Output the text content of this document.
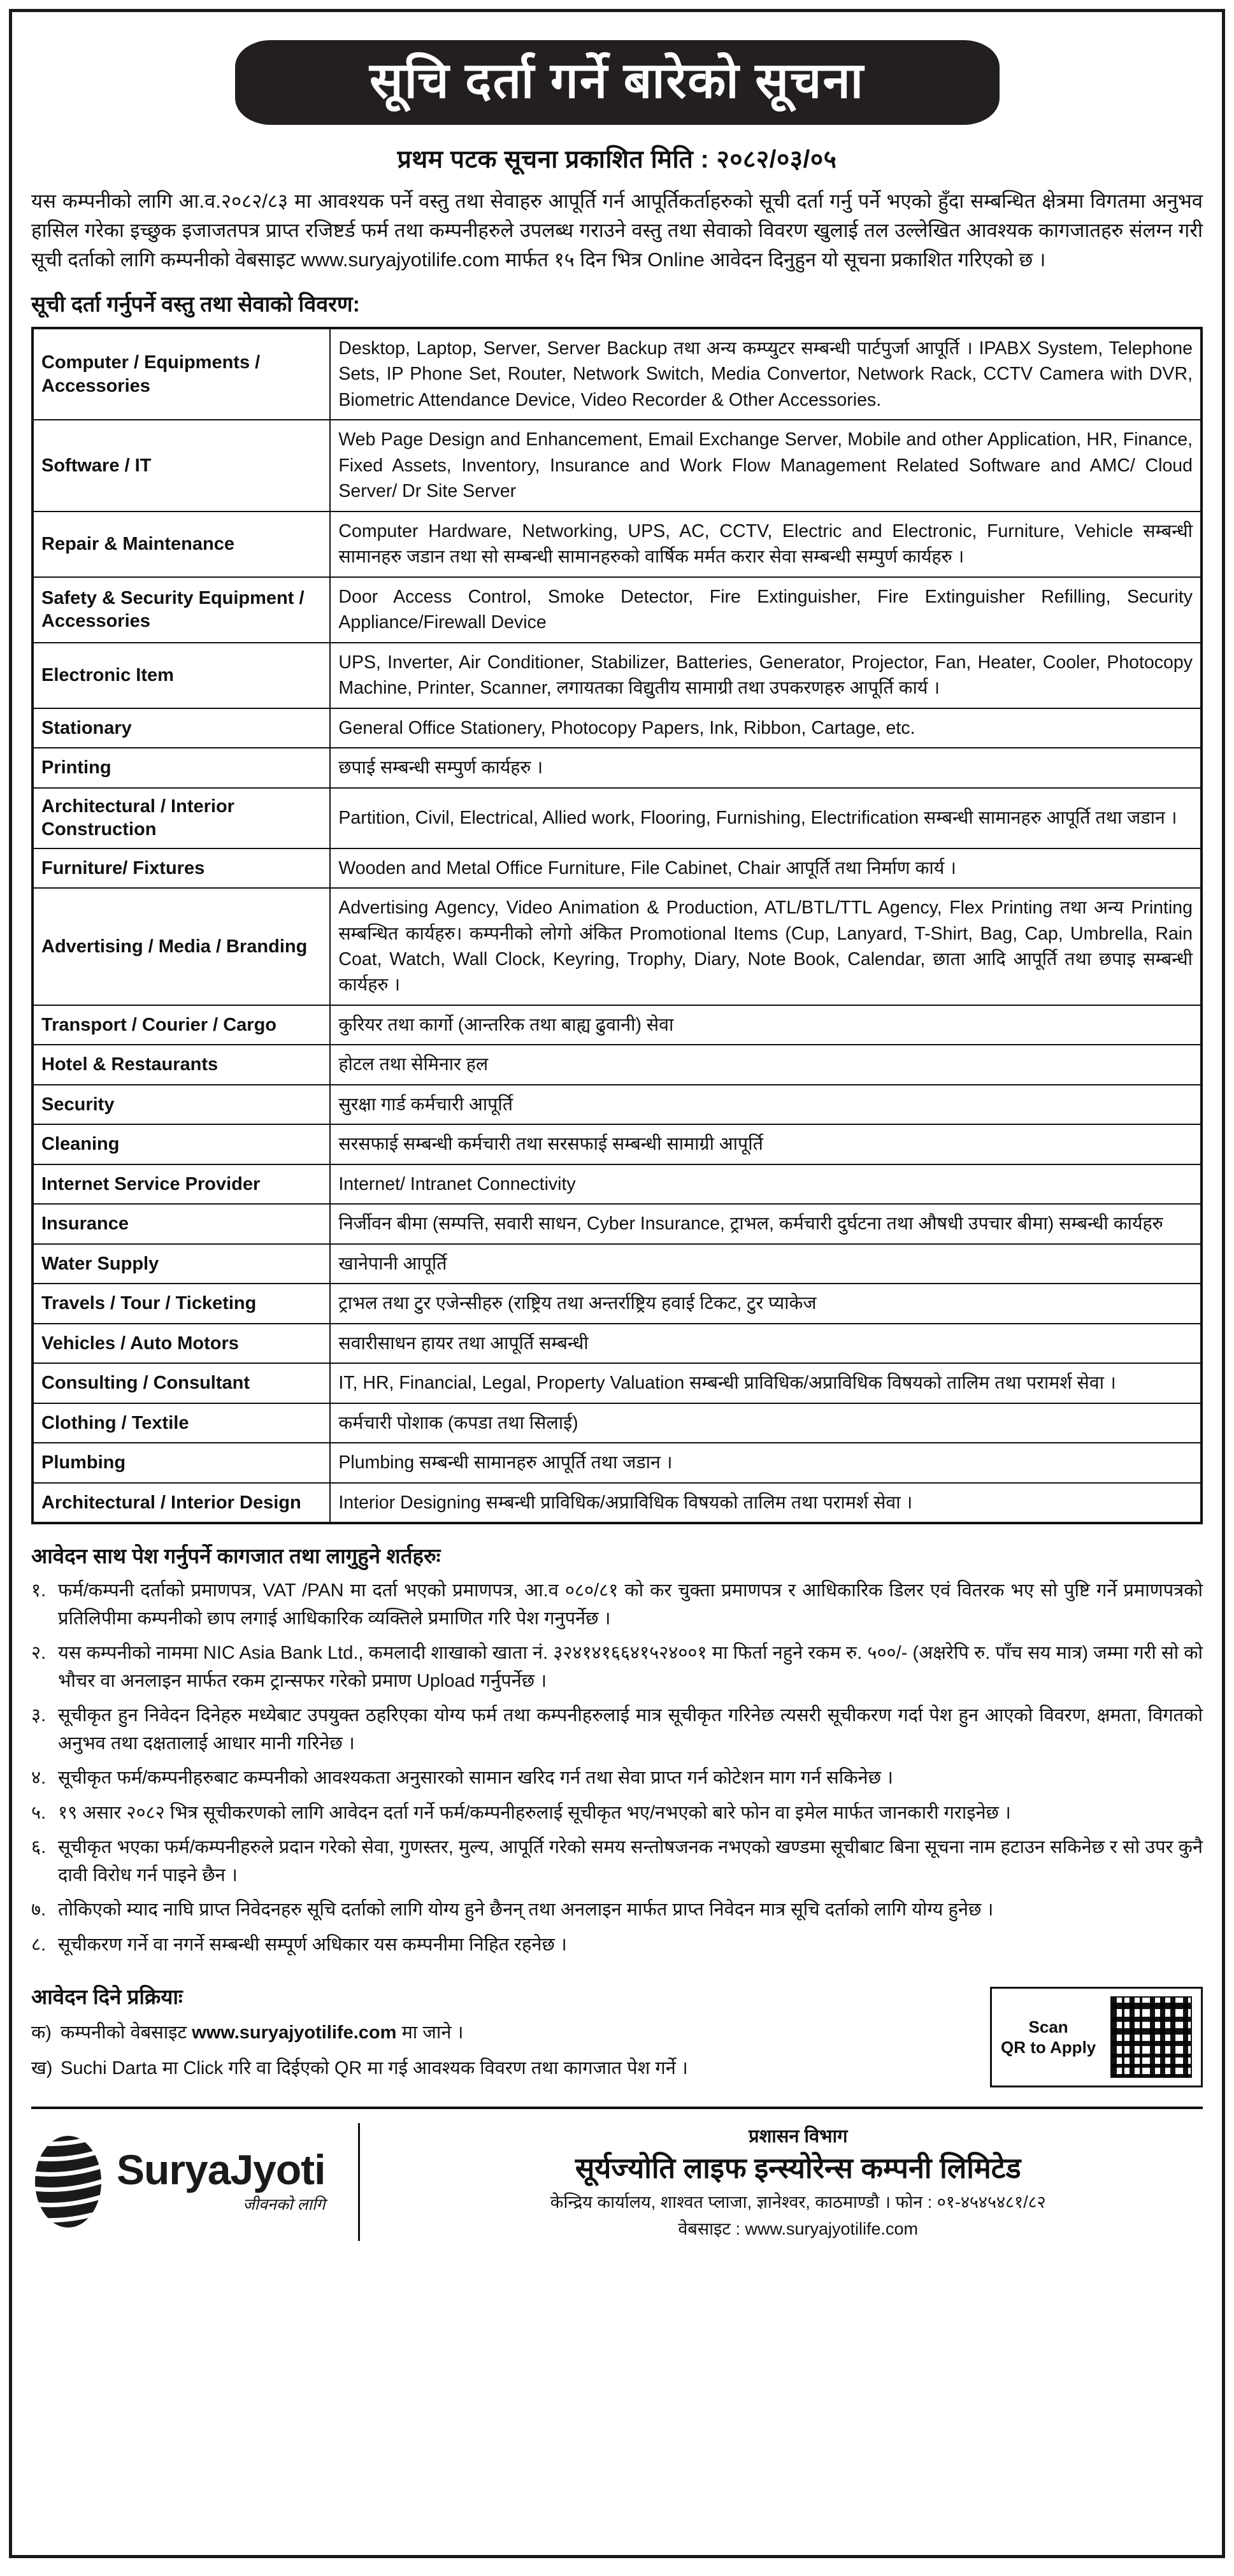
सूचि दर्ता गर्ने बारेको सूचना
प्रथम पटक सूचना प्रकाशित मिति : २०८२/०३/०५
यस कम्पनीको लागि आ.व.२०८२/८३ मा आवश्यक पर्ने वस्तु तथा सेवाहरु आपूर्ति गर्न आपूर्तिकर्ताहरुको सूची दर्ता गर्नु पर्ने भएको हुँदा सम्बन्धित क्षेत्रमा विगतमा अनुभव हासिल गरेका इच्छुक इजाजतपत्र प्राप्त रजिष्टर्ड फर्म तथा कम्पनीहरुले उपलब्ध गराउने वस्तु तथा सेवाको विवरण खुलाई तल उल्लेखित आवश्यक कागजातहरु संलग्न गरी सूची दर्ताको लागि कम्पनीको वेबसाइट www.suryajyotilife.com मार्फत १५ दिन भित्र Online आवेदन दिनुहुन यो सूचना प्रकाशित गरिएको छ ।
सूची दर्ता गर्नुपर्ने वस्तु तथा सेवाको विवरण:
Computer / Equipments / Accessories	Desktop, Laptop, Server, Server Backup तथा अन्य कम्प्युटर सम्बन्धी पार्टपुर्जा आपूर्ति । IPABX System, Telephone Sets, IP Phone Set, Router, Network Switch, Media Convertor, Network Rack, CCTV Camera with DVR, Biometric Attendance Device, Video Recorder & Other Accessories.
Software / IT	Web Page Design and Enhancement, Email Exchange Server, Mobile and other Application, HR, Finance, Fixed Assets, Inventory, Insurance and Work Flow Management Related Software and AMC/ Cloud Server/ Dr Site Server
Repair & Maintenance	Computer Hardware, Networking, UPS, AC, CCTV, Electric and Electronic, Furniture, Vehicle सम्बन्धी सामानहरु जडान तथा सो सम्बन्धी सामानहरुको वार्षिक मर्मत करार सेवा सम्बन्धी सम्पुर्ण कार्यहरु ।
Safety & Security Equipment / Accessories	Door Access Control, Smoke Detector, Fire Extinguisher, Fire Extinguisher Refilling, Security Appliance/Firewall Device
Electronic Item	UPS, Inverter, Air Conditioner, Stabilizer, Batteries, Generator, Projector, Fan, Heater, Cooler, Photocopy Machine, Printer, Scanner, लगायतका विद्युतीय सामाग्री तथा उपकरणहरु आपूर्ति कार्य ।
Stationary	General Office Stationery, Photocopy Papers, Ink, Ribbon, Cartage, etc.
Printing	छपाई सम्बन्धी सम्पुर्ण कार्यहरु ।
Architectural / Interior Construction	Partition, Civil, Electrical, Allied work, Flooring, Furnishing, Electrification सम्बन्धी सामानहरु आपूर्ति तथा जडान ।
Furniture/ Fixtures	Wooden and Metal Office Furniture, File Cabinet, Chair आपूर्ति तथा निर्माण कार्य ।
Advertising / Media / Branding	Advertising Agency, Video Animation & Production, ATL/BTL/TTL Agency, Flex Printing तथा अन्य Printing सम्बन्धित कार्यहरु। कम्पनीको लोगो अंकित Promotional Items (Cup, Lanyard, T-Shirt, Bag, Cap, Umbrella, Rain Coat, Watch, Wall Clock, Keyring, Trophy, Diary, Note Book, Calendar, छाता आदि आपूर्ति तथा छपाइ सम्बन्धी कार्यहरु ।
Transport / Courier / Cargo	कुरियर तथा कार्गाे (आन्तरिक तथा बाह्य ढुवानी) सेवा
Hotel & Restaurants	होटल तथा सेमिनार हल
Security	सुरक्षा गार्ड कर्मचारी आपूर्ति
Cleaning	सरसफाई सम्बन्धी कर्मचारी तथा सरसफाई सम्बन्धी सामाग्री आपूर्ति
Internet Service Provider	Internet/ Intranet Connectivity
Insurance	निर्जीवन बीमा (सम्पत्ति, सवारी साधन, Cyber Insurance, ट्राभल, कर्मचारी दुर्घटना तथा औषधी उपचार बीमा) सम्बन्धी कार्यहरु
Water Supply	खानेपानी आपूर्ति
Travels / Tour / Ticketing	ट्राभल तथा टुर एजेन्सीहरु (राष्ट्रिय तथा अन्तर्राष्ट्रिय हवाई टिकट, टुर प्याकेज
Vehicles / Auto Motors	सवारीसाधन हायर तथा आपूर्ति सम्बन्धी
Consulting / Consultant	IT, HR, Financial, Legal, Property Valuation सम्बन्धी प्राविधिक/अप्राविधिक विषयको तालिम तथा परामर्श सेवा ।
Clothing / Textile	कर्मचारी पोशाक (कपडा तथा सिलाई)
Plumbing	Plumbing सम्बन्धी सामानहरु आपूर्ति तथा जडान ।
Architectural / Interior Design	Interior Designing सम्बन्धी प्राविधिक/अप्राविधिक विषयको तालिम तथा परामर्श सेवा ।
आवेदन साथ पेश गर्नुपर्ने कागजात तथा लागुहुने शर्तहरुः
१. फर्म/कम्पनी दर्ताको प्रमाणपत्र, VAT /PAN मा दर्ता भएको प्रमाणपत्र, आ.व ०८०/८१ को कर चुक्ता प्रमाणपत्र र आधिकारिक डिलर एवं वितरक भए सो पुष्टि गर्ने प्रमाणपत्रको प्रतिलिपीमा कम्पनीको छाप लगाई आधिकारिक व्यक्तिले प्रमाणित गरि पेश गनुपर्नेछ ।
२. यस कम्पनीको नाममा NIC Asia Bank Ltd., कमलादी शाखाको खाता नं. ३२४१४१६६४१५२४००१ मा फिर्ता नहुने रकम रु. ५००/- (अक्षरेपि रु. पाँच सय मात्र) जम्मा गरी सो को भौचर वा अनलाइन मार्फत रकम ट्रान्सफर गरेको प्रमाण Upload गर्नुपर्नेछ ।
३. सूचीकृत हुन निवेदन दिनेहरु मध्येबाट उपयुक्त ठहरिएका योग्य फर्म तथा कम्पनीहरुलाई मात्र सूचीकृत गरिनेछ त्यसरी सूचीकरण गर्दा पेश हुन आएको विवरण, क्षमता, विगतको अनुभव तथा दक्षतालाई आधार मानी गरिनेछ ।
४. सूचीकृत फर्म/कम्पनीहरुबाट कम्पनीको आवश्यकता अनुसारको सामान खरिद गर्न तथा सेवा प्राप्त गर्न कोटेशन माग गर्न सकिनेछ ।
५. १९ असार २०८२ भित्र सूचीकरणको लागि आवेदन दर्ता गर्ने फर्म/कम्पनीहरुलाई सूचीकृत भए/नभएको बारे फोन वा इमेल मार्फत जानकारी गराइनेछ ।
६. सूचीकृत भएका फर्म/कम्पनीहरुले प्रदान गरेको सेवा, गुणस्तर, मुल्य, आपूर्ति गरेको समय सन्तोषजनक नभएको खण्डमा सूचीबाट बिना सूचना नाम हटाउन सकिनेछ र सो उपर कुनै दावी विरोध गर्न पाइने छैन ।
७. तोकिएको म्याद नाघि प्राप्त निवेदनहरु सूचि दर्ताको लागि योग्य हुने छैनन् तथा अनलाइन मार्फत प्राप्त निवेदन मात्र सूचि दर्ताको लागि योग्य हुनेछ ।
८. सूचीकरण गर्ने वा नगर्ने सम्बन्धी सम्पूर्ण अधिकार यस कम्पनीमा निहित रहनेछ ।
आवेदन दिने प्रक्रियाः
क) कम्पनीको वेबसाइट www.suryajyotilife.com मा जाने ।
ख) Suchi Darta मा Click गरि वा दिईएको QR मा गई आवश्यक विवरण तथा कागजात पेश गर्ने ।
Scan
QR to Apply
SuryaJyoti
जीवनको लागि
प्रशासन विभाग
सूर्यज्योति लाइफ इन्स्योरेन्स कम्पनी लिमिटेड
केन्द्रिय कार्यालय, शाश्वत प्लाजा, ज्ञानेश्वर, काठमाण्डौ । फोन : ०१-४५४५४८१/८२
वेबसाइट : www.suryajyotilife.com
